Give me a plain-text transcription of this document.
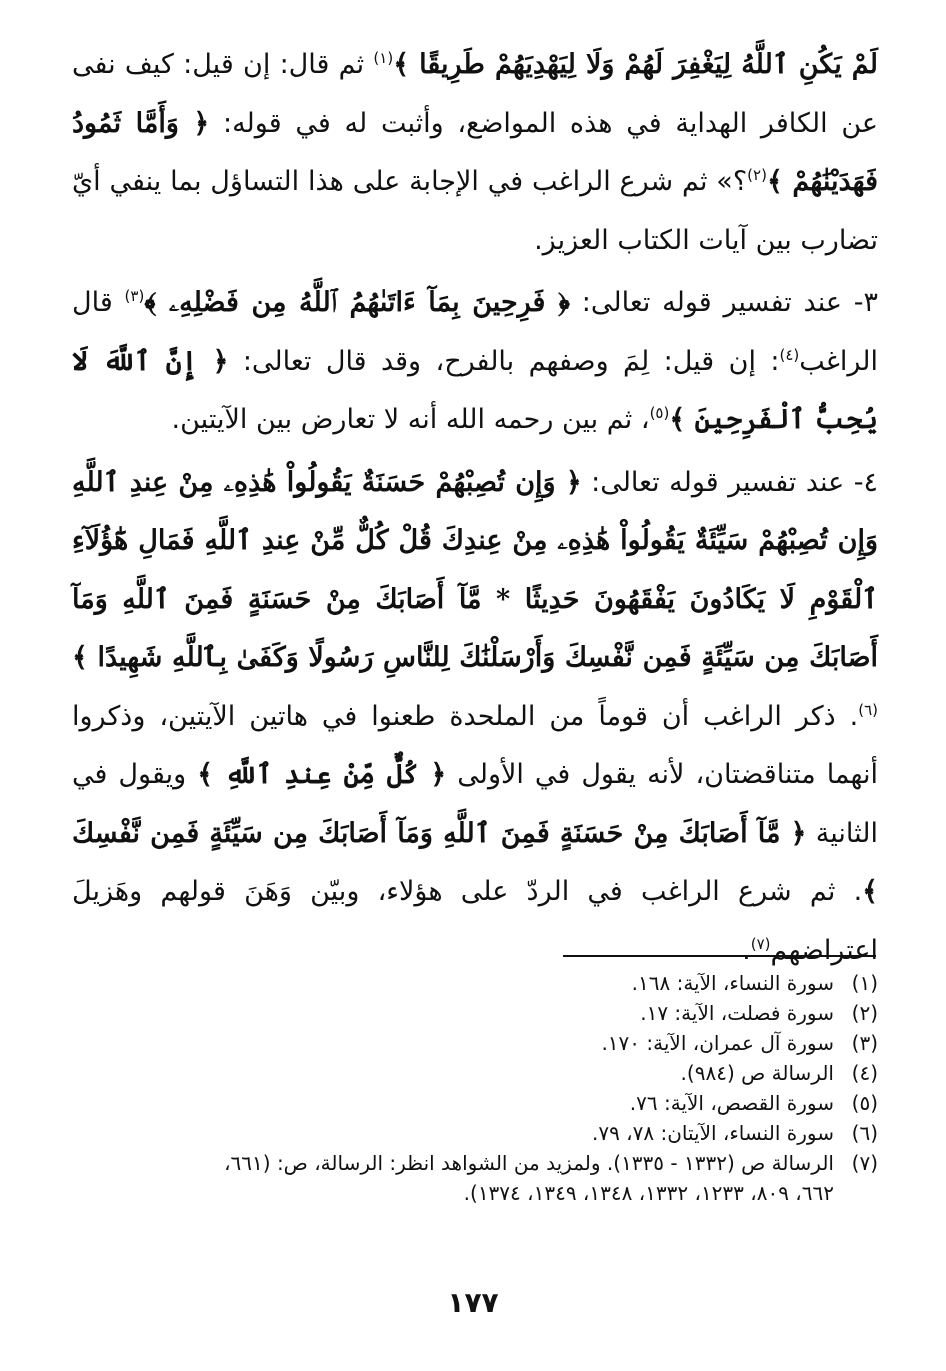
لَمْ يَكُنِ ٱللَّهُ لِيَغْفِرَ لَهُمْ وَلَا لِيَهْدِيَهُمْ طَرِيقًا ﴾$^{(١)}$ ثم قال: إن قيل: كيف نفى عن الكافر الهداية في هذه المواضع، وأثبت له في قوله: ﴿ وَأَمَّا ثَمُودُ فَهَدَيْنَٰهُمْ ﴾$^{(٢)}$؟» ثم شرع الراغب في الإجابة على هذا التساؤل بما ينفي أيّ تضارب بين آيات الكتاب العزيز.

٣- عند تفسير قوله تعالى: ﴿ فَرِحِينَ بِمَآ ءَاتَىٰهُمُ ٱللَّهُ مِن فَضْلِهِۦ ﴾$^{(٣)}$ قال الراغب$^{(٤)}$: إن قيل: لِمَ وصفهم بالفرح، وقد قال تعالى: ﴿ إِنَّ ٱللَّهَ لَا يُحِبُّ ٱلْفَرِحِينَ ﴾$^{(٥)}$، ثم بين رحمه الله أنه لا تعارض بين الآيتين.

٤- عند تفسير قوله تعالى: ﴿ وَإِن تُصِبْهُمْ حَسَنَةٌ يَقُولُواْ هَٰذِهِۦ مِنْ عِندِ ٱللَّهِ وَإِن تُصِبْهُمْ سَيِّئَةٌ يَقُولُواْ هَٰذِهِۦ مِنْ عِندِكَ قُلْ كُلٌّ مِّنْ عِندِ ٱللَّهِ فَمَالِ هَٰٓؤُلَآءِ ٱلْقَوْمِ لَا يَكَادُونَ يَفْقَهُونَ حَدِيثًا * مَّآ أَصَابَكَ مِنْ حَسَنَةٍ فَمِنَ ٱللَّهِ وَمَآ أَصَابَكَ مِن سَيِّئَةٍ فَمِن نَّفْسِكَ وَأَرْسَلْنَٰكَ لِلنَّاسِ رَسُولًا وَكَفَىٰ بِٱللَّهِ شَهِيدًا ﴾$^{(٦)}$. ذكر الراغب أن قوماً من الملحدة طعنوا في هاتين الآيتين، وذكروا أنهما متناقضتان، لأنه يقول في الأولى ﴿ كُلٌّ مِّنْ عِندِ ٱللَّهِ ﴾ ويقول في الثانية ﴿ مَّآ أَصَابَكَ مِنْ حَسَنَةٍ فَمِنَ ٱللَّهِ وَمَآ أَصَابَكَ مِن سَيِّئَةٍ فَمِن نَّفْسِكَ ﴾. ثم شرع الراغب في الردّ على هؤلاء، وبيّن وَهَنَ قولهم وهَزيلَ اعتراضهم$^{(٧)}$.

(١)سورة النساء، الآية: ١٦٨.
(٢)سورة فصلت، الآية: ١٧.
(٣)سورة آل عمران، الآية: ١٧٠.
(٤)الرسالة ص (٩٨٤).
(٥)سورة القصص، الآية: ٧٦.
(٦)سورة النساء، الآيتان: ٧٨، ٧٩.
(٧)الرسالة ص (١٣٣٢ - ١٣٣٥). ولمزيد من الشواهد انظر: الرسالة، ص: (٦٦١،
٦٦٢، ٨٠٩، ١٢٣٣، ١٣٣٢، ١٣٤٨، ١٣٤٩، ١٣٧٤).
١٧٧
